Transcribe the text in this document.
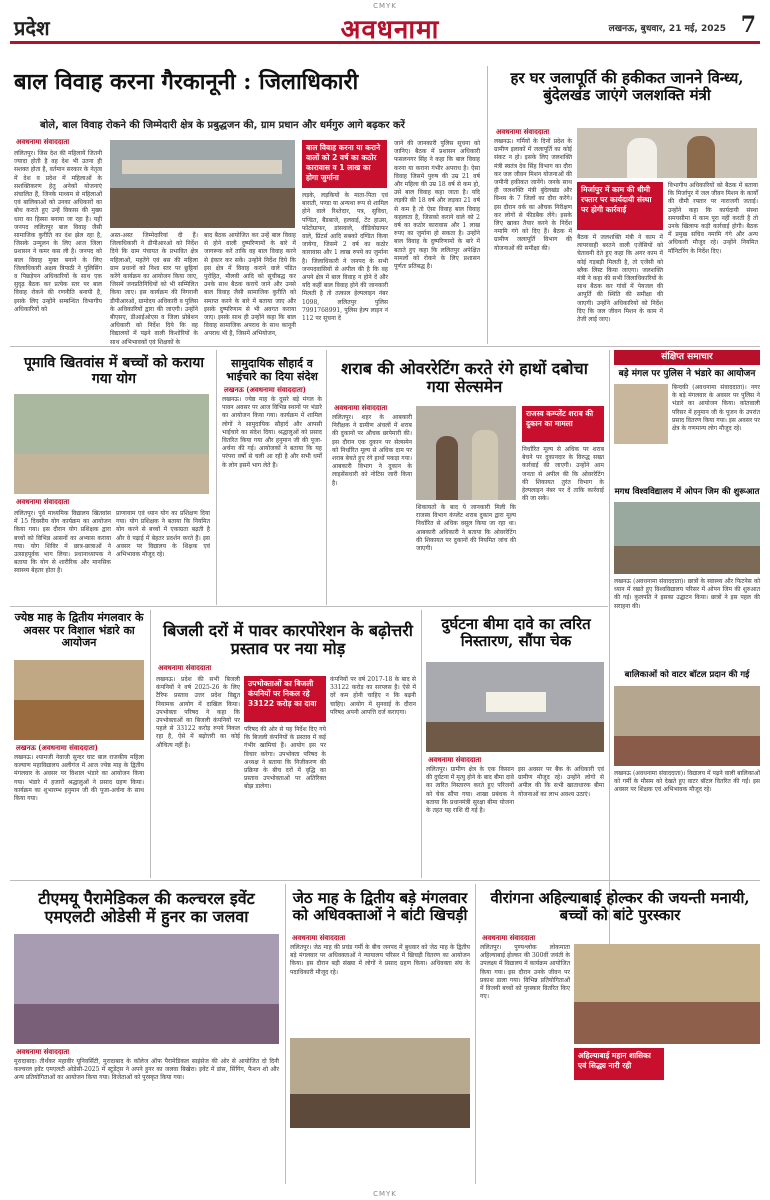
CMYK
प्रदेश	अवधनामा	लखनऊ, बुधवार, 21 मई, 2025 7
बाल विवाह करना गैरकानूनी : जिलाधिकारी
बोले, बाल विवाह रोकने की जिम्मेदारी क्षेत्र के प्रबुद्धजन की, ग्राम प्रधान और धर्मगुरु आगे बढ़कर करें
अवधनामा संवाददाता
ललितपुर। जिस देश की महिलायें जितनी ज्यादा होती है वह देश भी उतना ही सशक्त होता है, वर्तमान सरकार के नेतृत्व में देश व प्रदेश में महिलाओं के सशक्तिकरण हेतु अनेकों योजनाएं संचालित हैं, जिनके माध्यम से महिलाओं एवं बालिकाओं को उनका अधिकारों का बोध कराते हुए उन्हें विकास की मुख्य धारा का हिस्सा बनाया जा रहा है। यही जनपद ललितपुर बाल विवाह जैसी सामाजिक कुरीति का दंश झेल रहा है, जिसके उन्मूलन के लिए आज जिला प्रशासन ने कमर कस ली है। जनपद को बाल विवाह मुक्त बनाने के लिए जिलाधिकारी अक्षय त्रिपाठी ने पुलिसिंग व पिछड़ेपन अधिकारियों के साथ एक सुदृढ़ बैठक कर प्रत्येक स्तर पर बाल विवाह रोकने की रणनीति बनायी है, इसके लिए उन्होंने सम्बन्धित विभागीय अधिकारियों को
अस्त-अस्त जिम्मेदारियां दी हैं। जिलाधिकारी ने डीपीआरओ को निर्देश दिये कि ग्राम पंचायत के प्रभावित क्षेत्र महिलाओं, महतेंगे एवं बस की महिला ग्राम प्रधानों को निशा स्तर पर छुट्टियां करेंगे कार्यक्रम का आयोजन किया जाए, जिसमें जनप्रतिनिधियों को भी सम्मिलित किया जाए। इस कार्यक्रम की निगरानी डीपीआरओ, ग्रामोदय अधिकारी व पुलिस के अधिकारियों द्वारा की जाएगी। उन्होंने बीएसए, डीआईओएस व जिला प्रोबेशन अधिकारी को निर्देश दिये कि वह विद्यालयों में पढ़ने वाली किशोरियों के साथ अभिभावकों एवं शिक्षकों के
बाद बैठक आयोजित कर उन्हें बाल विवाह से होने वाली दुष्परिणामों के बारे में जागरूक करें ताकि वह बाल विवाह करने से इंकार कर सकें। उन्होंने निर्देश दिये कि इस क्षेत्र में विवाह कराने वाले पंडित पुरोहित, मौलवी आदि को सूचीबद्ध कर उनके साथ बैठक करायें जाने और उनसे बाल विवाह जैसी सामाजिक कुरीति को समाप्त करने के बारे में बताया जाए और इसके दुष्परिणाम से भी अवगत कराया जाए। इसके साथ ही उन्होंने कहा कि बाल विवाह सामाजिक अपराध के साथ कानूनी अपराध भी है, जिसमें अभियोजन,
बाल विवाह करना या कराने वालों को 2 वर्ष का कठोर कारावास व 1 लाख का होगा जुर्माना
लड़के, लड़कियों के माता-पिता एवं बाराती, पण्डा या अन्यथा रूप से शामिल होने वाले रिश्तेदार, पत्र, सुविधा, पण्डित, बैंडबाजे, हलवाई, टेंट हाउस, फोटोग्राफर, डांसवाले, वीडियोग्राफर वाले, प्रिंटर्स आदि सबको दण्डित किया जायेगा, जिसमें 2 वर्ष का कठोर कारावास और 1 लाख रुपये का जुर्माना है। जिलाधिकारी ने जनपद के सभी जनपदवासियों से अपील की है कि वह अपने क्षेत्र में बाल विवाह न होने दें और यदि कहीं बाल विवाह होने की जानकारी मिलती है तो तत्काल हेल्पलाइन नंबर 1098, ललितपुर पुलिस 7991768991, पुलिस हेल्प लाइन नं 112 पर सूचना दें
जाने की जानकारी पुलिस सूचना को जानिए। बैठक में प्रशासन अधिकारी फसलनगर सिंह ने कहा कि बाल विवाह करना या कराना गंभीर अपराध है। ऐसा विवाह जिसमें पुरुष की उम्र 21 वर्ष और महिला की उम्र 18 वर्ष से कम हो, उसे बाल विवाह कहा जाता है। यदि लड़की की 18 वर्ष और लड़का 21 वर्ष से कम है तो ऐसा विवाह बाल विवाह कहलाता है, जिसको कराने वाले को 2 वर्ष का कठोर कारावास और 1 लाख रुपए का जुर्माना हो सकता है। उन्होंने बाल विवाह के दुष्परिणामों के बारे में बताते हुए कहा कि ललितपुर अपेक्षित मामलों को रोकने के लिए प्रशासन पूर्णतः प्रतिबद्ध है।
हर घर जलापूर्ति की हकीकत जानने विन्ध्य, बुंदेलखंड जाएंगे जलशक्ति मंत्री
अवधनामा संवाददाता
लखनऊ। गर्मियों के दिनों प्रदेश के ग्रामीण इलाकों में जलापूर्ति का कोई संकट न हो। इसके लिए जलशक्ति मंत्री स्वतंत्र देव सिंह विभाग का दौरा कर जल जीवन मिशन योजनाओं की जमीनी हकीकत जानेंगे। जनके साथ ही जलशक्ति मंत्री बुंदेलखंड और विन्ध्य के 7 जिलों का दौरा करेंगे। इस दौरान वर्क का औचक निरीक्षण कर लोगों से फीडबैक लेंगे। इसके लिए खाका तैयार करने के निर्देश नमामि गंगे को दिए हैं। बैठक में ग्रामीण जलापूर्ति विभाग की योजनाओं की समीक्षा की।
मिर्जापुर में काम की धीमी रफ्तार पर कार्यदायी संस्था पर होगी कार्रवाई
बैठक में जलशक्ति मंत्री ने काम में लापरवाही बरतने वाली एजेंसियों को चेतावनी देते हुए कहा कि अगर काम में कोई गड़बड़ी मिलती है, तो एजेंसी को ब्लैक लिस्ट किया जाएगा। जलशक्ति मंत्री ने कहा की सभी जिलाधिकारियों के साथ बैठक कर गांवों में पेयजल की आपूर्ति की स्थिति की समीक्षा की जाएगी। उन्होंने अधिकारियों को निर्देश दिए कि जल जीवन मिशन के काम में तेजी लाई जाए।
विभागीय अधिकारियों को बैठक में बताया कि मिर्जापुर में जल जीवन मिशन के कार्यों की धीमी रफ्तार पर नाराजगी जताई। उन्होंने कहा कि कार्यदायी संस्था समयसीमा में काम पूरा नहीं करती है तो उनके खिलाफ कड़ी कार्रवाई होगी। बैठक में प्रमुख सचिव नमामि गंगे और अन्य अधिकारी मौजूद रहे। उन्होंने नियमित मॉनिटरिंग के निर्देश दिए।
पूमावि खितवांस में बच्चों को कराया गया योग
अवधनामा संवाददाता
ललितपुर। पूर्व माध्यमिक विद्यालय खितवांस में 15 दिवसीय योग कार्यक्रम का आयोजन किया गया। इस दौरान योग प्रशिक्षक द्वारा बच्चों को विभिन्न आसनों का अभ्यास कराया गया। योग शिविर में छात्र-छात्राओं ने उत्साहपूर्वक भाग लिया। प्रधानाध्यापक ने बताया कि योग से शारीरिक और मानसिक स्वास्थ्य बेहतर होता है।
प्राणायाम एवं ध्यान योग का प्रशिक्षण दिया गया। योग प्रशिक्षक ने बताया कि नियमित योग करने से बच्चों में एकाग्रता बढ़ती है और वे पढ़ाई में बेहतर प्रदर्शन करते हैं। इस अवसर पर विद्यालय के शिक्षक एवं अभिभावक मौजूद रहे।
सामुदायिक सौहार्द व भाईचारे का दिया संदेश
लखनऊ (अवधनामा संवाददाता)
लखनऊ। ज्येष्ठ माह के दूसरे बड़े मंगल के पावन अवसर पर आज विभिन्न स्थानों पर भंडारे का आयोजन किया गया। कार्यक्रम में शामिल लोगों ने सामुदायिक सौहार्द और आपसी भाईचारे का संदेश दिया। श्रद्धालुओं को प्रसाद वितरित किया गया और हनुमान जी की पूजा-अर्चना की गई। आयोजकों ने बताया कि यह परंपरा वर्षों से चली आ रही है और सभी धर्मों के लोग इसमें भाग लेते हैं।
शराब की ओवररेटिंग करते रंगे हाथों दबोचा गया सेल्समेन
अवधनामा संवाददाता
ललितपुर। शहर के आबकारी निरीक्षक ने ग्रामीण अंचलों में शराब की दुकानों पर औचक छापेमारी की। इस दौरान एक दुकान पर सेल्समेन को निर्धारित मूल्य से अधिक दाम पर शराब बेचते हुए रंगे हाथों पकड़ा गया। आबकारी विभाग ने दुकान के लाइसेंसधारी को नोटिस जारी किया है।
शिकायतों के बाद ये जानकारी मिली कि राजस्व विभाग कंप्लेंट शराब दुकान द्वारा मूल्य निर्धारित से अधिक वसूल किया जा रहा था। आबकारी अधिकारी ने बताया कि ओवररेटिंग की शिकायत पर दुकानों की नियमित जांच की जाएगी।
राजस्व कम्प्लेंट शराब की दुकान का मामला
निर्धारित मूल्य से अधिक पर शराब बेचने पर दुकानदार के विरुद्ध सख्त कार्रवाई की जाएगी। उन्होंने आम जनता से अपील की कि ओवररेटिंग की शिकायत तुरंत विभाग के हेल्पलाइन नंबर पर दें ताकि कार्रवाई की जा सके।
संक्षिप्त समाचार
बड़े मंगल पर पुलिस ने भंडारे का आयोजन
बिन्दकी (अवधनामा संवाददाता)। नगर के बड़े मंगलवार के अवसर पर पुलिस ने भंडारे का आयोजन किया। कोतवाली परिसर में हनुमान जी के पूजन के उपरांत प्रसाद वितरण किया गया। इस अवसर पर क्षेत्र के गणमान्य लोग मौजूद रहे।
मगध विश्वविद्यालय में ओपन जिम की शुरूआत
लखनऊ (अवधनामा संवाददाता)। छात्रों के स्वास्थ्य और फिटनेस को ध्यान में रखते हुए विश्वविद्यालय परिसर में ओपन जिम की शुरुआत की गई। कुलपति ने इसका उद्घाटन किया। छात्रों ने इस पहल की सराहना की।
बालिकाओं को वाटर बॉटल प्रदान की गई
लखनऊ (अवधनामा संवाददाता)। विद्यालय में पढ़ने वाली बालिकाओं को गर्मी के मौसम को देखते हुए वाटर बॉटल वितरित की गईं। इस अवसर पर शिक्षक एवं अभिभावक मौजूद रहे।
ज्येष्ठ माह के द्वितीय मंगलवार के अवसर पर विशाल भंडारे का आयोजन
लखनऊ (अवधनामा संवाददाता)
लखनऊ। श्यामजी नेवाजी सुन्दर घाट बाल राजकीय महिला कल्याण महाविद्यालय अलीगंज में आज ज्येष्ठ माह के द्वितीय मंगलवार के अवसर पर विशाल भंडारे का आयोजन किया गया। भंडारे में हजारों श्रद्धालुओं ने प्रसाद ग्रहण किया। कार्यक्रम का शुभारम्भ हनुमान जी की पूजा-अर्चना के साथ किया गया।
बिजली दरों में पावर कारपोरेशन के बढ़ोत्तरी प्रस्ताव पर नया मोड़
अवधनामा संवाददाता
लखनऊ। प्रदेश की सभी बिजली कंपनियों ने वर्ष 2025-26 के लिए टैरिफ प्रस्ताव उत्तर प्रदेश विद्युत नियामक आयोग में दाखिल किया। उपभोक्ता परिषद ने कहा कि उपभोक्ताओं का बिजली कंपनियों पर पहले से 33122 करोड़ रुपये निकल रहा है, ऐसे में बढ़ोत्तरी का कोई औचित्य नहीं है।
उपभोक्ताओं का बिजली कंपनियों पर निकल रहे 33122 करोड़ का दावा
परिषद की ओर से यह निर्देश दिए गये कि बिजली कंपनियों के प्रस्ताव में कई गंभीर खामियां हैं। आयोग इस पर विचार करेगा। उपभोक्ता परिषद के अध्यक्ष ने बताया कि निजीकरण की प्रक्रिया के बीच दरों में वृद्धि का प्रस्ताव उपभोक्ताओं पर अतिरिक्त बोझ डालेगा।
कंपनियों पर वर्ष 2017-18 के बाद से 33122 करोड़ का सरप्लस है। ऐसे में दरें कम होनी चाहिए न कि बढ़नी चाहिए। आयोग में सुनवाई के दौरान परिषद अपनी आपत्ति दर्ज कराएगा।
दुर्घटना बीमा दावे का त्वरित निस्तारण, सौंपा चेक
अवधनामा संवाददाता
ललितपुर। ग्रामीण क्षेत्र के एक किसान की दुर्घटना में मृत्यु होने के बाद बीमा दावे का त्वरित निस्तारण करते हुए परिजनों को चेक सौंपा गया। शाखा प्रबंधक ने बताया कि प्रधानमंत्री सुरक्षा बीमा योजना के तहत यह राशि दी गई है।
इस अवसर पर बैंक के अधिकारी एवं ग्रामीण मौजूद रहे। उन्होंने लोगों से अपील की कि सभी खाताधारक बीमा योजनाओं का लाभ अवश्य उठाएं।
टीएमयू पैरामेडिकल की कल्चरल इवेंट एमएलटी ओडेसी में हुनर का जलवा
अवधनामा संवाददाता
मुरादाबाद। तीर्थंकर महावीर यूनिवर्सिटी, मुरादाबाद के कॉलेज ऑफ पैरामेडिकल साइंसेज की ओर से आयोजित दो दिनी कल्चरल इवेंट एमएलटी ओडेसी-2025 में स्टूडेंट्स ने अपने हुनर का जलवा बिखेरा। इवेंट में डांस, सिंगिंग, फैशन शो और अन्य प्रतियोगिताओं का आयोजन किया गया। विजेताओं को पुरस्कृत किया गया।
जेठ माह के द्वितीय बड़े मंगलवार को अधिवक्ताओं ने बांटी खिचड़ी
अवधनामा संवाददाता
ललितपुर। जेठ माह की प्रचंड गर्मी के बीच जनपद में बुधवार को जेठ माह के द्वितीय बड़े मंगलवार पर अधिवक्ताओं ने न्यायालय परिसर में खिचड़ी वितरण का आयोजन किया। इस दौरान बड़ी संख्या में लोगों ने प्रसाद ग्रहण किया। अधिवक्ता संघ के पदाधिकारी मौजूद रहे।
वीरांगना अहिल्याबाई होल्कर की जयन्ती मनायी, बच्चों को बांटे पुरस्कार
अवधनामा संवाददाता
ललितपुर। पुण्यश्लोक लोकमाता अहिल्याबाई होल्कर की 300वीं जयंती के उपलक्ष्य में विद्यालय में कार्यक्रम आयोजित किया गया। इस दौरान उनके जीवन पर प्रकाश डाला गया। विभिन्न प्रतियोगिताओं में विजयी बच्चों को पुरस्कार वितरित किए गए।
अहिल्याबाई महान शासिका एवं सिद्ध्य नारी रही
CMYK
